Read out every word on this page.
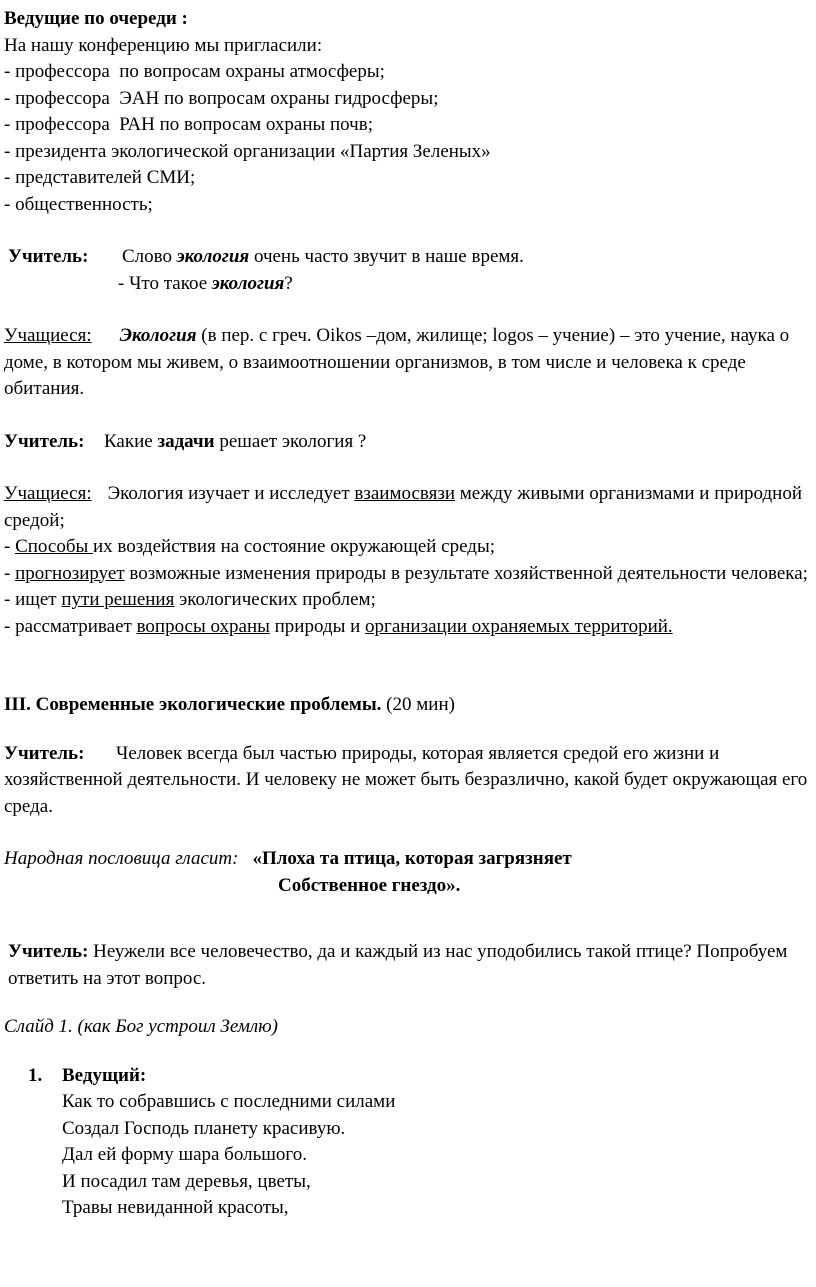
Ведущие по очереди :
На нашу конференцию мы пригласили:
- профессора  по вопросам охраны атмосферы;
- профессора  ЭАН по вопросам охраны гидросферы;
- профессора  РАН по вопросам охраны почв;
- президента экологической организации «Партия Зеленых»
- представителей СМИ;
- общественность;
Учитель: Слово экология очень часто звучит в наше время.
- Что такое экология?
Учащиеся: Экология (в пер. с греч. Oikos –дом, жилище; logos – учение) – это учение, наука о доме, в котором мы живем, о взаимоотношении организмов, в том числе и человека к среде обитания.
Учитель: Какие задачи решает экология ?
Учащиеся: Экология изучает и исследует взаимосвязи между живыми организмами и природной средой;
- Способы их воздействия на состояние окружающей среды;
- прогнозирует возможные изменения природы в результате хозяйственной деятельности человека;
- ищет пути решения экологических проблем;
- рассматривает вопросы охраны природы и организации охраняемых территорий.
III. Современные экологические проблемы. (20 мин)
Учитель: Человек всегда был частью природы, которая является средой его жизни и хозяйственной деятельности. И человеку не может быть безразлично, какой будет окружающая его среда.
Народная пословица гласит: «Плоха та птица, которая загрязняет
Собственное гнездо».
Учитель: Неужели все человечество, да и каждый из нас уподобились такой птице? Попробуем ответить на этот вопрос.
Слайд 1. (как Бог устроил Землю)
1. Ведущий:
Как то собравшись с последними силами
Создал Господь планету красивую.
Дал ей форму шара большого.
И посадил там деревья, цветы,
Травы невиданной красоты,
